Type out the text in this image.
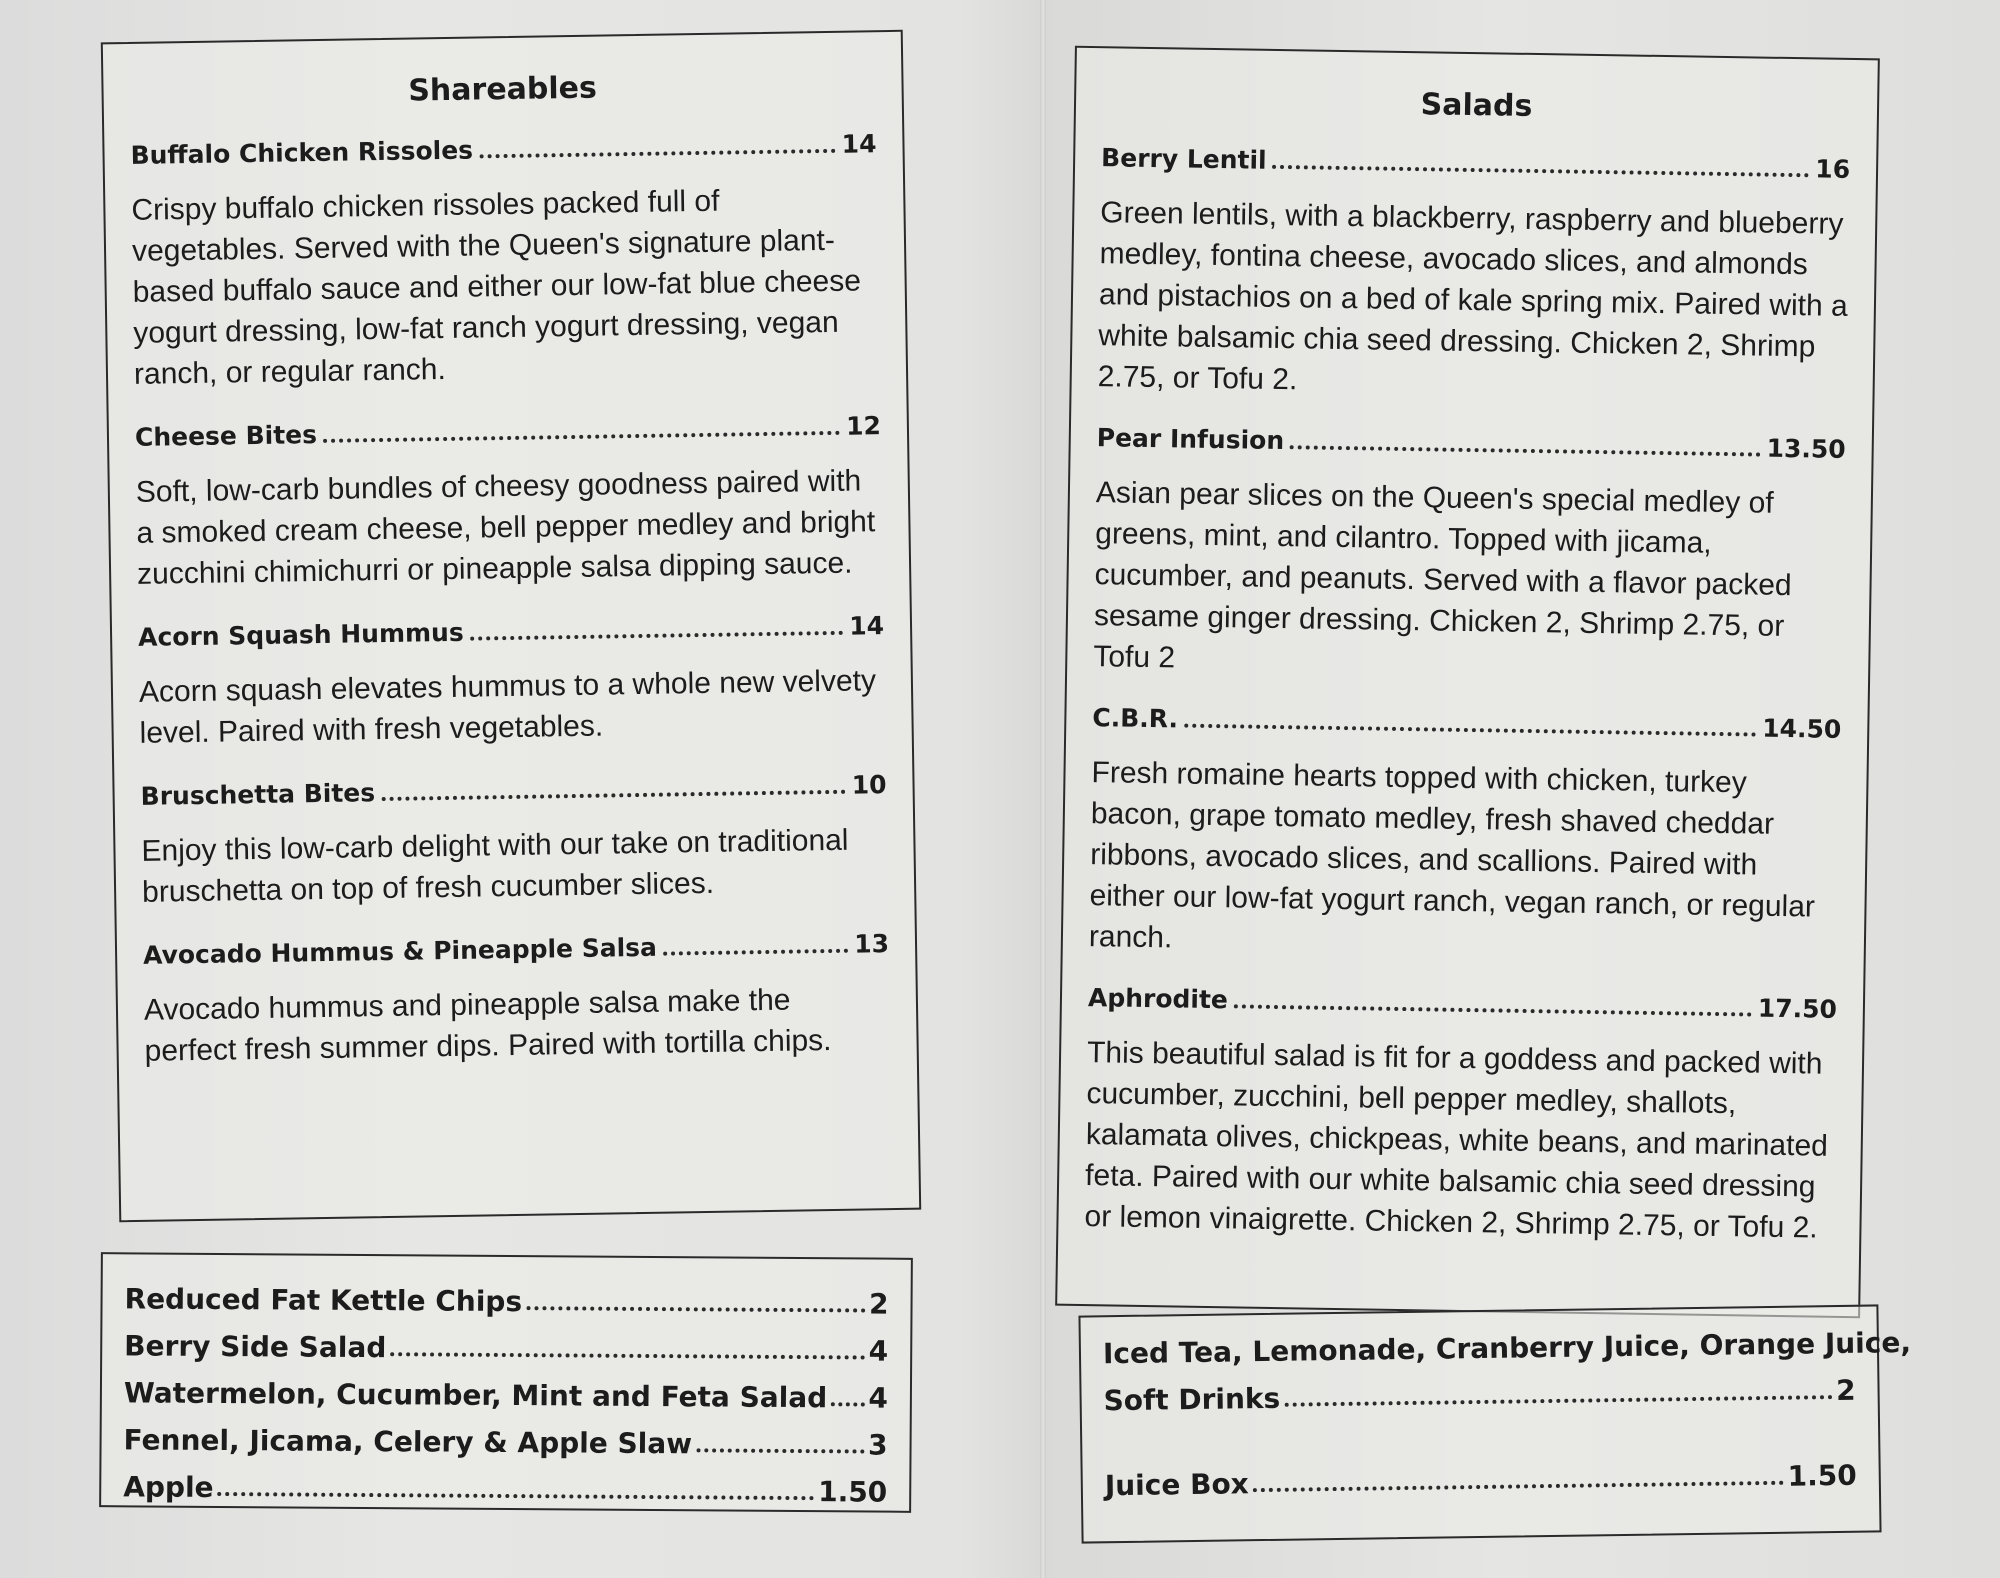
Shareables
Buffalo Chicken Rissoles	14

Crispy buffalo chicken rissoles packed full of vegetables. Served with the Queen's signature plant-based buffalo sauce and either our low-fat blue cheese yogurt dressing, low-fat ranch yogurt dressing, vegan ranch, or regular ranch.

Cheese Bites	12

Soft, low-carb bundles of cheesy goodness paired with a smoked cream cheese, bell pepper medley and bright zucchini chimichurri or pineapple salsa dipping sauce.

Acorn Squash Hummus	14

Acorn squash elevates hummus to a whole new velvety level. Paired with fresh vegetables.

Bruschetta Bites	10

Enjoy this low-carb delight with our take on traditional bruschetta on top of fresh cucumber slices.

Avocado Hummus & Pineapple Salsa	13

Avocado hummus and pineapple salsa make the perfect fresh summer dips. Paired with tortilla chips.

Reduced Fat Kettle Chips	2
Berry Side Salad	4
Watermelon, Cucumber, Mint and Feta Salad 4
Fennel, Jicama, Celery & Apple Slaw	3
Apple	1.50
Salads
Berry Lentil	16

Green lentils, with a blackberry, raspberry and blueberry medley, fontina cheese, avocado slices, and almonds and pistachios on a bed of kale spring mix. Paired with a white balsamic chia seed dressing. Chicken 2, Shrimp 2.75, or Tofu 2.

Pear Infusion	13.50

Asian pear slices on the Queen's special medley of greens, mint, and cilantro. Topped with jicama, cucumber, and peanuts. Served with a flavor packed sesame ginger dressing. Chicken 2, Shrimp 2.75, or Tofu 2

C.B.R.	14.50

Fresh romaine hearts topped with chicken, turkey bacon, grape tomato medley, fresh shaved cheddar ribbons, avocado slices, and scallions. Paired with either our low-fat yogurt ranch, vegan ranch, or regular ranch.

Aphrodite	17.50

This beautiful salad is fit for a goddess and packed with cucumber, zucchini, bell pepper medley, shallots, kalamata olives, chickpeas, white beans, and marinated feta. Paired with our white balsamic chia seed dressing or lemon vinaigrette. Chicken 2, Shrimp 2.75, or Tofu 2.

Iced Tea, Lemonade, Cranberry Juice, Orange Juice,
Soft Drinks	2
Juice Box	1.50
